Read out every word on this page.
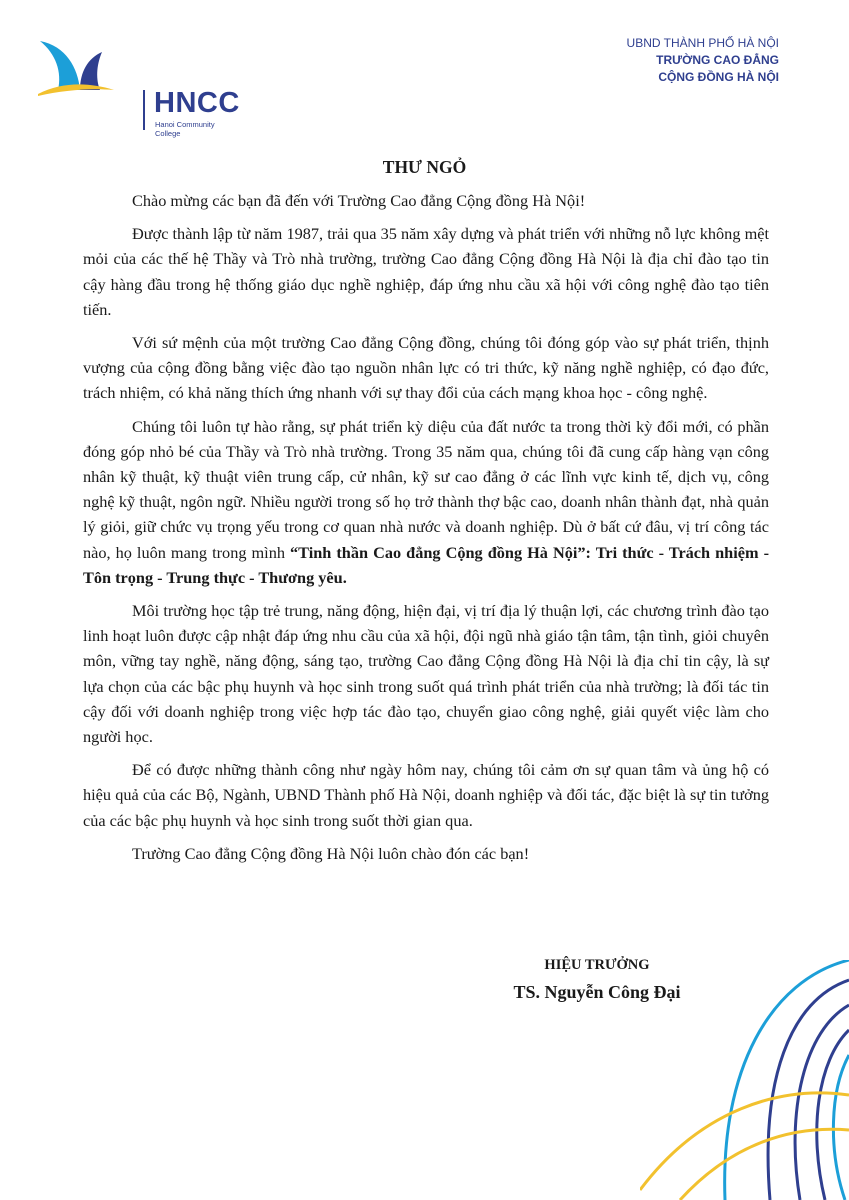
HNCC
Hanoi Community College
UBND THÀNH PHỐ HÀ NỘI
TRƯỜNG CAO ĐẲNG
CỘNG ĐỒNG HÀ NỘI
THƯ NGỎ

Chào mừng các bạn đã đến với Trường Cao đẳng Cộng đồng Hà Nội!

Được thành lập từ năm 1987, trải qua 35 năm xây dựng và phát triển với những nỗ lực không mệt mỏi của các thế hệ Thầy và Trò nhà trường, trường Cao đẳng Cộng đồng Hà Nội là địa chỉ đào tạo tin cậy hàng đầu trong hệ thống giáo dục nghề nghiệp, đáp ứng nhu cầu xã hội với công nghệ đào tạo tiên tiến.

Với sứ mệnh của một trường Cao đẳng Cộng đồng, chúng tôi đóng góp vào sự phát triển, thịnh vượng của cộng đồng bằng việc đào tạo nguồn nhân lực có tri thức, kỹ năng nghề nghiệp, có đạo đức, trách nhiệm, có khả năng thích ứng nhanh với sự thay đổi của cách mạng khoa học - công nghệ.

Chúng tôi luôn tự hào rằng, sự phát triển kỳ diệu của đất nước ta trong thời kỳ đổi mới, có phần đóng góp nhỏ bé của Thầy và Trò nhà trường. Trong 35 năm qua, chúng tôi đã cung cấp hàng vạn công nhân kỹ thuật, kỹ thuật viên trung cấp, cử nhân, kỹ sư cao đẳng ở các lĩnh vực kinh tế, dịch vụ, công nghệ kỹ thuật, ngôn ngữ. Nhiều người trong số họ trở thành thợ bậc cao, doanh nhân thành đạt, nhà quản lý giỏi, giữ chức vụ trọng yếu trong cơ quan nhà nước và doanh nghiệp. Dù ở bất cứ đâu, vị trí công tác nào, họ luôn mang trong mình “Tinh thần Cao đẳng Cộng đồng Hà Nội”: Tri thức - Trách nhiệm - Tôn trọng - Trung thực - Thương yêu.

Môi trường học tập trẻ trung, năng động, hiện đại, vị trí địa lý thuận lợi, các chương trình đào tạo linh hoạt luôn được cập nhật đáp ứng nhu cầu của xã hội, đội ngũ nhà giáo tận tâm, tận tình, giỏi chuyên môn, vững tay nghề, năng động, sáng tạo, trường Cao đẳng Cộng đồng Hà Nội là địa chỉ tin cậy, là sự lựa chọn của các bậc phụ huynh và học sinh trong suốt quá trình phát triển của nhà trường; là đối tác tin cậy đối với doanh nghiệp trong việc hợp tác đào tạo, chuyển giao công nghệ, giải quyết việc làm cho người học.

Để có được những thành công như ngày hôm nay, chúng tôi cảm ơn sự quan tâm và ủng hộ có hiệu quả của các Bộ, Ngành, UBND Thành phố Hà Nội, doanh nghiệp và đối tác, đặc biệt là sự tin tưởng của các bậc phụ huynh và học sinh trong suốt thời gian qua.

Trường Cao đẳng Cộng đồng Hà Nội luôn chào đón các bạn!

HIỆU TRƯỞNG
TS. Nguyễn Công Đại
